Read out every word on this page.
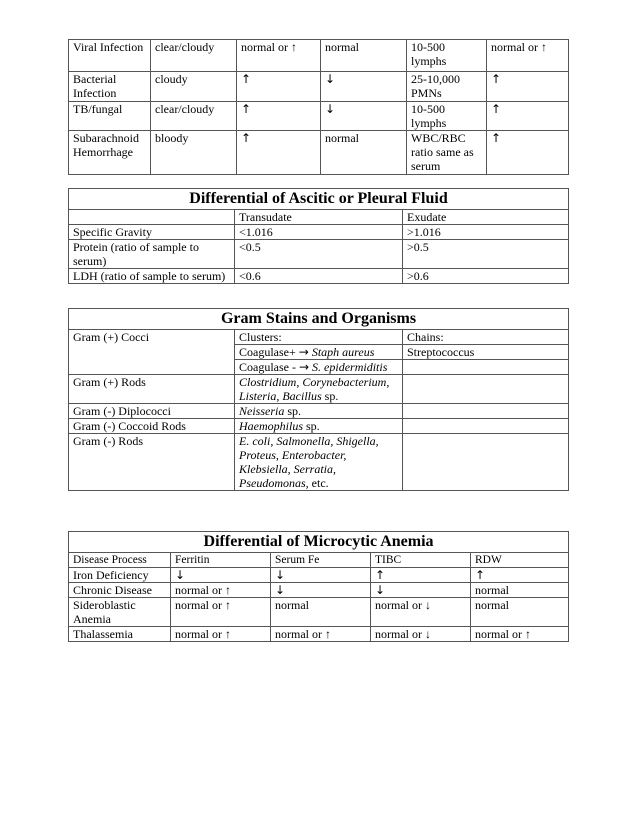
Viral Infection	clear/cloudy	normal or ↑	normal	10-500 lymphs	normal or ↑
Bacterial Infection	cloudy	↑	↓	25-10,000 PMNs	↑
TB/fungal	clear/cloudy	↑	↓	10-500 lymphs	↑
Subarachnoid Hemorrhage	bloody	↑	normal	WBC/RBC ratio same as serum	↑
Differential of Ascitic or Pleural Fluid		
	Transudate	Exudate
Specific Gravity	<1.016	>1.016
Protein (ratio of sample to serum)	<0.5	>0.5
LDH (ratio of sample to serum)	<0.6	>0.6
Gram Stains and Organisms		
Gram (+) Cocci	Clusters:	Chains:
	Coagulase+ → Staph aureus	Streptococcus
	Coagulase - → S. epidermiditis	
Gram (+) Rods	Clostridium, Corynebacterium, Listeria, Bacillus sp.	
Gram (-) Diplococci	Neisseria sp.	
Gram (-) Coccoid Rods	Haemophilus sp.	
Gram (-) Rods	E. coli, Salmonella, Shigella, Proteus, Enterobacter, Klebsiella, Serratia, Pseudomonas, etc.	
Differential of Microcytic Anemia				
Disease Process	Ferritin	Serum Fe	TIBC	RDW
Iron Deficiency	↓	↓	↑	↑
Chronic Disease	normal or ↑	↓	↓	normal
Sideroblastic Anemia	normal or ↑	normal	normal or ↓	normal
Thalassemia	normal or ↑	normal or ↑	normal or ↓	normal or ↑
